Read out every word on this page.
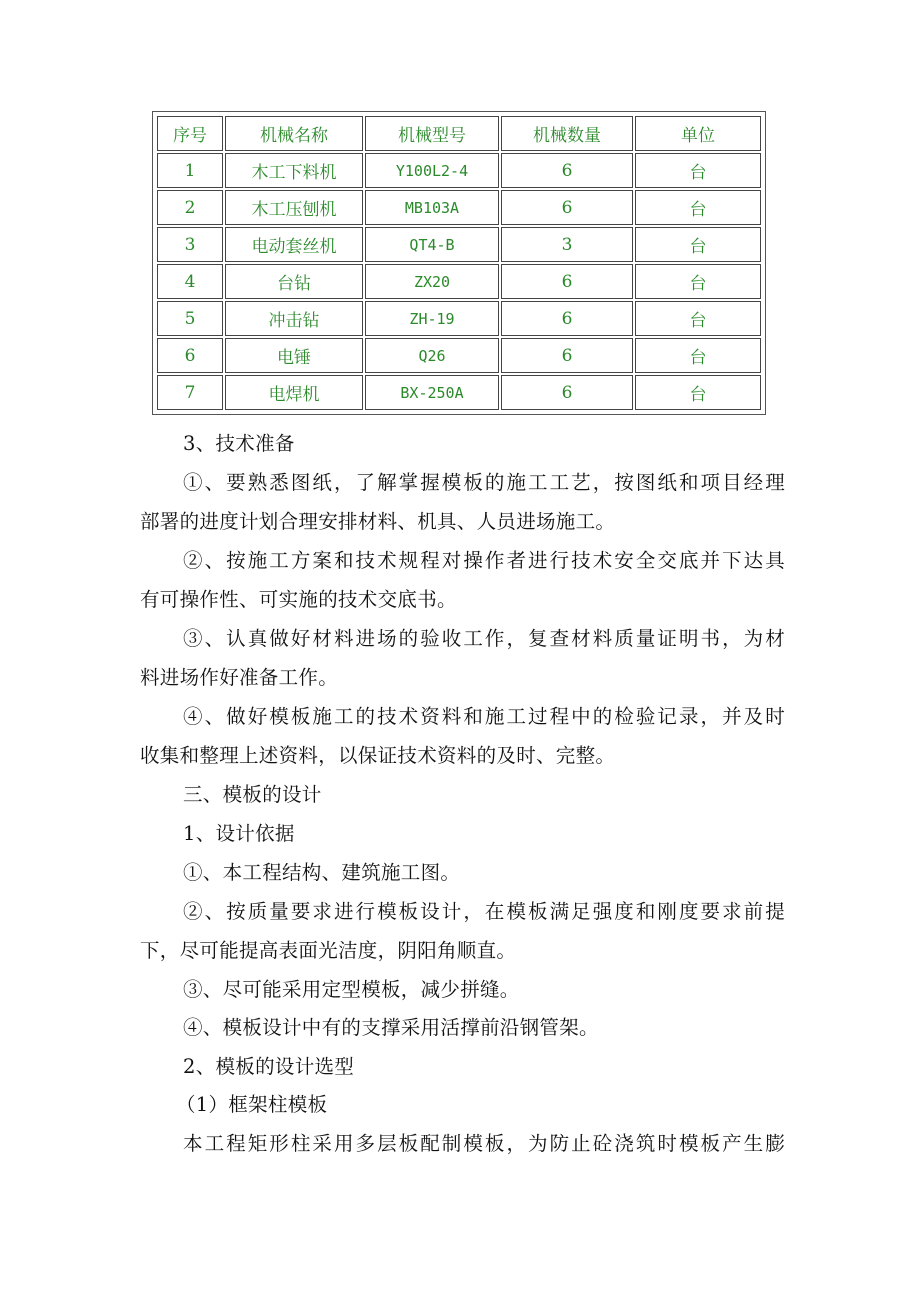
序号	机械名称	机械型号	机械数量	单位
1	木工下料机	Y100L2-4	6	台
2	木工压刨机	MB103A	6	台
3	电动套丝机	QT4-B	3	台
4	台钻	ZX20	6	台
5	冲击钻	ZH-19	6	台
6	电锤	Q26	6	台
7	电焊机	BX-250A	6	台
3、技术准备
①、要熟悉图纸，了解掌握模板的施工工艺，按图纸和项目经理
部署的进度计划合理安排材料、机具、人员进场施工。
②、按施工方案和技术规程对操作者进行技术安全交底并下达具
有可操作性、可实施的技术交底书。
③、认真做好材料进场的验收工作，复查材料质量证明书，为材
料进场作好准备工作。
④、做好模板施工的技术资料和施工过程中的检验记录，并及时
收集和整理上述资料，以保证技术资料的及时、完整。
三、模板的设计
1、设计依据
①、本工程结构、建筑施工图。
②、按质量要求进行模板设计，在模板满足强度和刚度要求前提
下，尽可能提高表面光洁度，阴阳角顺直。
③、尽可能采用定型模板，减少拼缝。
④、模板设计中有的支撑采用活撑前沿钢管架。
2、模板的设计选型
（1）框架柱模板
本工程矩形柱采用多层板配制模板，为防止砼浇筑时模板产生膨
